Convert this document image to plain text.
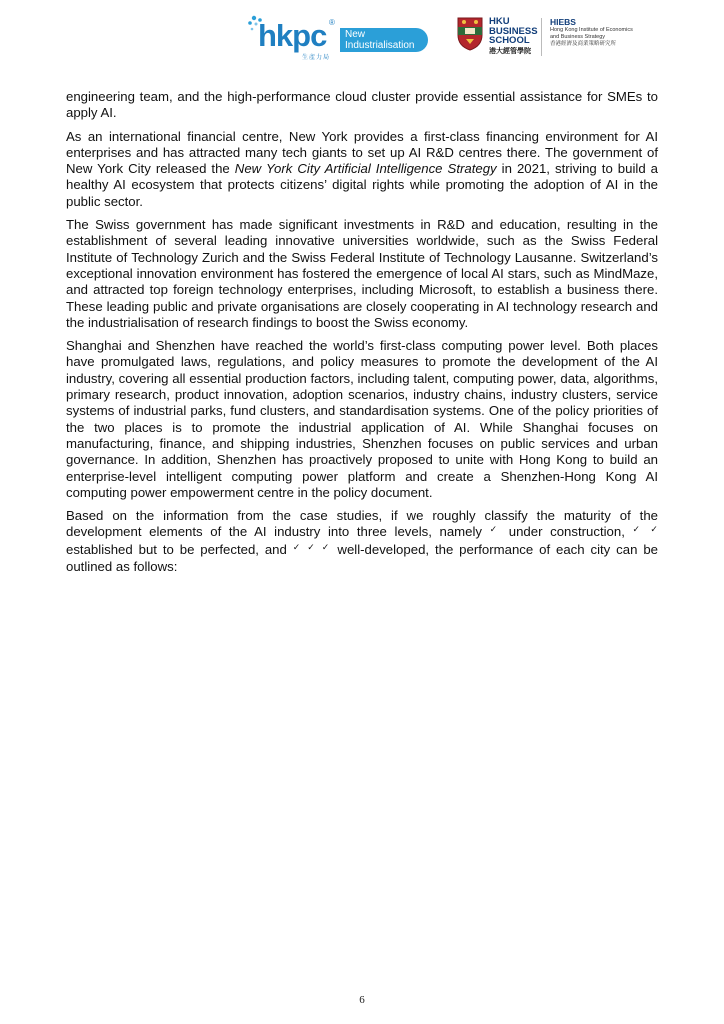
hkpc ®
生產力局
New
Industrialisation
HKU
BUSINESS
SCHOOL
港大經管學院
HIEBS
Hong Kong Institute of Economics
and Business Strategy
香港經濟及商業策略研究所

engineering team, and the high-performance cloud cluster provide essential assistance for SMEs to apply AI.

As an international financial centre, New York provides a first-class financing environment for AI enterprises and has attracted many tech giants to set up AI R&D centres there. The government of New York City released the New York City Artificial Intelligence Strategy in 2021, striving to build a healthy AI ecosystem that protects citizens’ digital rights while promoting the adoption of AI in the public sector.

The Swiss government has made significant investments in R&D and education, resulting in the establishment of several leading innovative universities worldwide, such as the Swiss Federal Institute of Technology Zurich and the Swiss Federal Institute of Technology Lausanne. Switzerland’s exceptional innovation environment has fostered the emergence of local AI stars, such as MindMaze, and attracted top foreign technology enterprises, including Microsoft, to establish a business there. These leading public and private organisations are closely cooperating in AI technology research and the industrialisation of research findings to boost the Swiss economy.

Shanghai and Shenzhen have reached the world’s first-class computing power level. Both places have promulgated laws, regulations, and policy measures to promote the development of the AI industry, covering all essential production factors, including talent, computing power, data, algorithms, primary research, product innovation, adoption scenarios, industry chains, industry clusters, service systems of industrial parks, fund clusters, and standardisation systems. One of the policy priorities of the two places is to promote the industrial application of AI. While Shanghai focuses on manufacturing, finance, and shipping industries, Shenzhen focuses on public services and urban governance. In addition, Shenzhen has proactively proposed to unite with Hong Kong to build an enterprise-level intelligent computing power platform and create a Shenzhen-Hong Kong AI computing power empowerment centre in the policy document.

Based on the information from the case studies, if we roughly classify the maturity of the development elements of the AI industry into three levels, namely ✓ under construction, ✓ ✓ established but to be perfected, and ✓ ✓ ✓ well-developed, the performance of each city can be outlined as follows:

6
